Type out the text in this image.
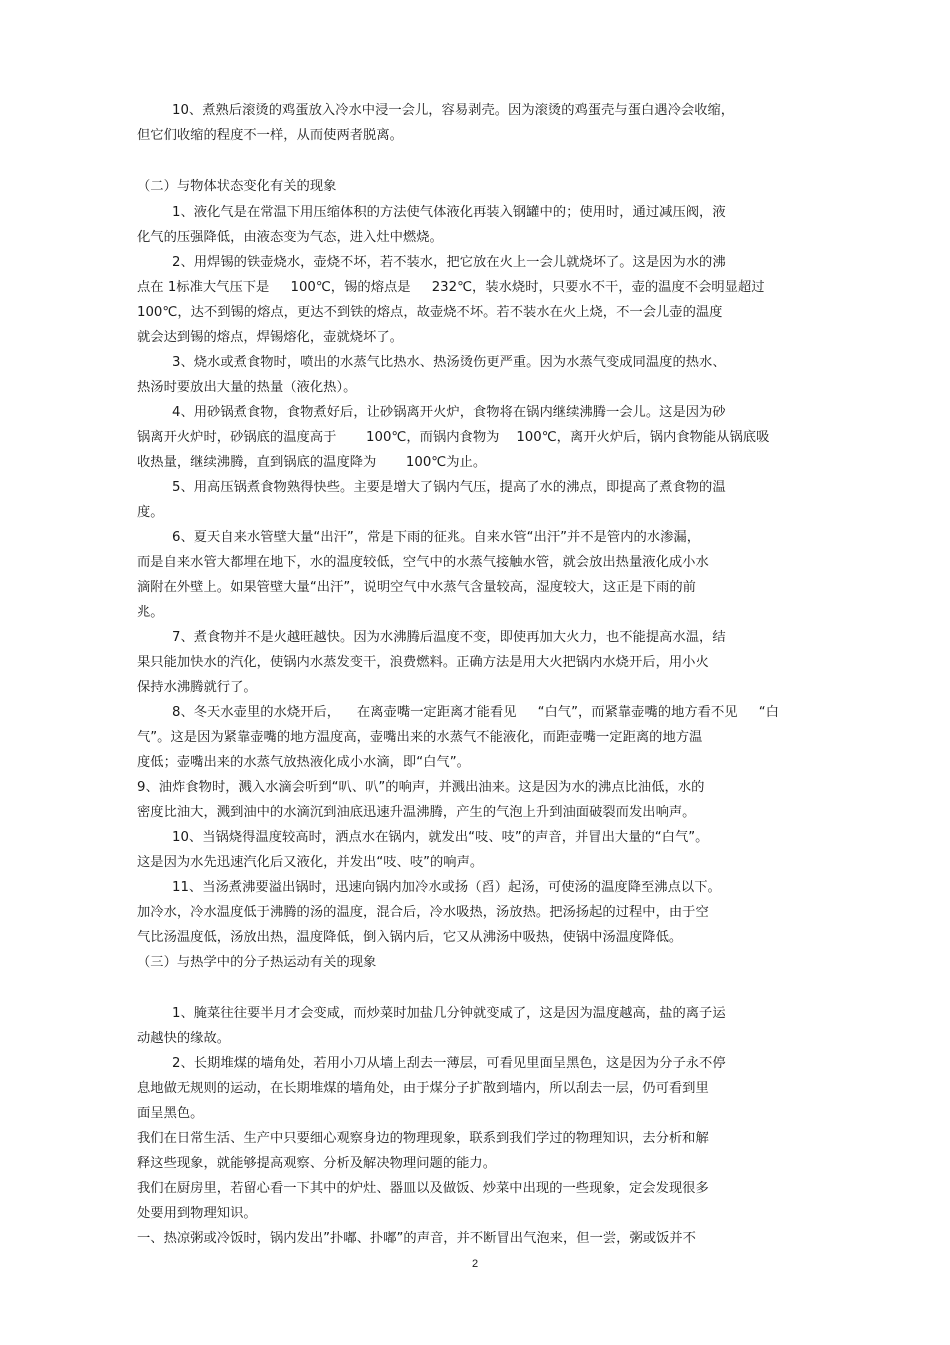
10、煮熟后滚烫的鸡蛋放入冷水中浸一会儿，容易剥壳。因为滚烫的鸡蛋壳与蛋白遇冷会收缩，
但它们收缩的程度不一样，从而使两者脱离。
（二）与物体状态变化有关的现象
1、液化气是在常温下用压缩体积的方法使气体液化再装入钢罐中的；使用时，通过减压阀，液
化气的压强降低，由液态变为气态，进入灶中燃烧。
2、用焊锡的铁壶烧水，壶烧不坏，若不装水，把它放在火上一会儿就烧坏了。这是因为水的沸
点在 1标准大气压下是     100℃，锡的熔点是     232℃，装水烧时，只要水不干，壶的温度不会明显超过
100℃，达不到锡的熔点，更达不到铁的熔点，故壶烧不坏。若不装水在火上烧，不一会儿壶的温度
就会达到锡的熔点，焊锡熔化，壶就烧坏了。
3、烧水或煮食物时，喷出的水蒸气比热水、热汤烫伤更严重。因为水蒸气变成同温度的热水、
热汤时要放出大量的热量（液化热）。
4、用砂锅煮食物，食物煮好后，让砂锅离开火炉，食物将在锅内继续沸腾一会儿。这是因为砂
锅离开火炉时，砂锅底的温度高于       100℃，而锅内食物为    100℃，离开火炉后，锅内食物能从锅底吸
收热量，继续沸腾，直到锅底的温度降为       100℃为止。
5、用高压锅煮食物熟得快些。主要是增大了锅内气压，提高了水的沸点，即提高了煮食物的温
度。
6、夏天自来水管壁大量“出汗”，常是下雨的征兆。自来水管“出汗”并不是管内的水渗漏，
而是自来水管大都埋在地下，水的温度较低，空气中的水蒸气接触水管，就会放出热量液化成小水
滴附在外壁上。如果管壁大量“出汗”，说明空气中水蒸气含量较高，湿度较大，这正是下雨的前
兆。
7、煮食物并不是火越旺越快。因为水沸腾后温度不变，即使再加大火力，也不能提高水温，结
果只能加快水的汽化，使锅内水蒸发变干，浪费燃料。正确方法是用大火把锅内水烧开后，用小火
保持水沸腾就行了。
8、冬天水壶里的水烧开后，    在离壶嘴一定距离才能看见     “白气”，而紧靠壶嘴的地方看不见     “白
气”。这是因为紧靠壶嘴的地方温度高，壶嘴出来的水蒸气不能液化，而距壶嘴一定距离的地方温
度低；壶嘴出来的水蒸气放热液化成小水滴，即“白气”。
9、油炸食物时，溅入水滴会听到“叭、叭”的响声，并溅出油来。这是因为水的沸点比油低，水的
密度比油大，溅到油中的水滴沉到油底迅速升温沸腾，产生的气泡上升到油面破裂而发出响声。
10、当锅烧得温度较高时，洒点水在锅内，就发出“吱、吱”的声音，并冒出大量的“白气”。
这是因为水先迅速汽化后又液化，并发出“吱、吱”的响声。
11、当汤煮沸要溢出锅时，迅速向锅内加冷水或扬（舀）起汤，可使汤的温度降至沸点以下。
加冷水，冷水温度低于沸腾的汤的温度，混合后，冷水吸热，汤放热。把汤扬起的过程中，由于空
气比汤温度低，汤放出热，温度降低，倒入锅内后，它又从沸汤中吸热，使锅中汤温度降低。
（三）与热学中的分子热运动有关的现象
1、腌菜往往要半月才会变咸，而炒菜时加盐几分钟就变咸了，这是因为温度越高，盐的离子运
动越快的缘故。
2、长期堆煤的墙角处，若用小刀从墙上刮去一薄层，可看见里面呈黑色，这是因为分子永不停
息地做无规则的运动，在长期堆煤的墙角处，由于煤分子扩散到墙内，所以刮去一层，仍可看到里
面呈黑色。
我们在日常生活、生产中只要细心观察身边的物理现象，联系到我们学过的物理知识，去分析和解
释这些现象，就能够提高观察、分析及解决物理问题的能力。
我们在厨房里，若留心看一下其中的炉灶、器皿以及做饭、炒菜中出现的一些现象，定会发现很多
处要用到物理知识。
一、热凉粥或冷饭时，锅内发出”扑嘟、扑嘟”的声音，并不断冒出气泡来，但一尝，粥或饭并不
2
